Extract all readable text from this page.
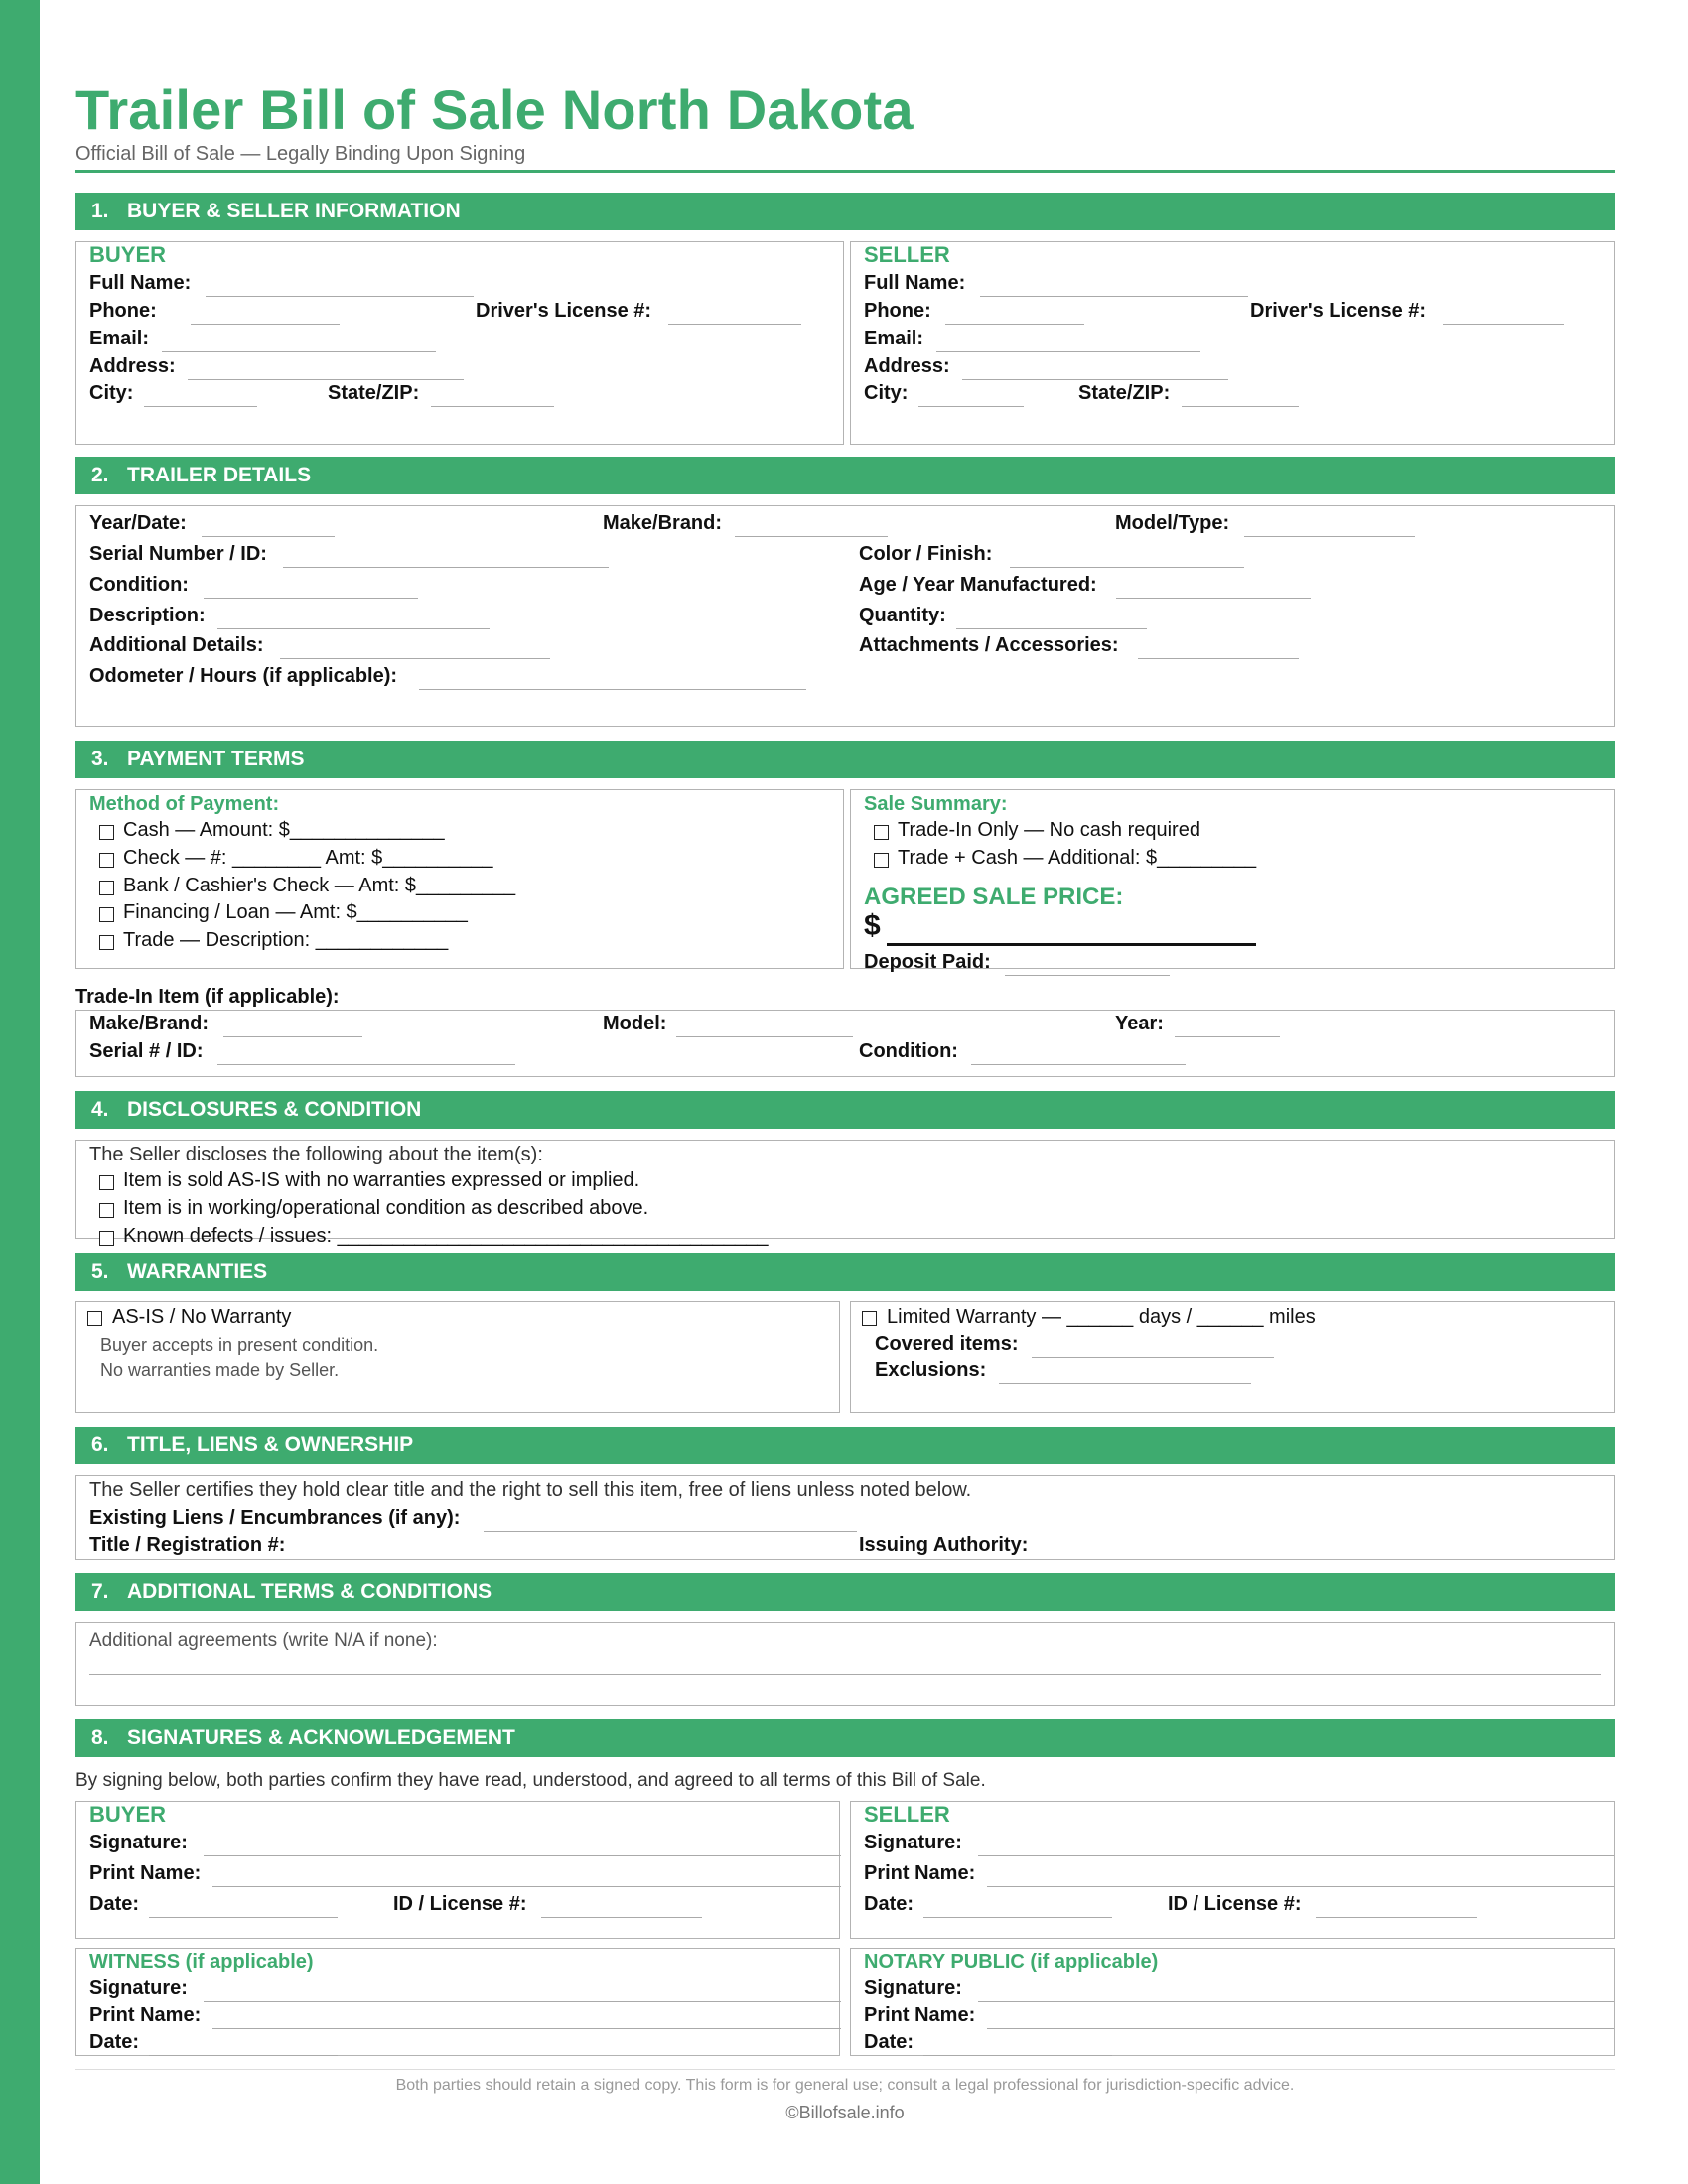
Trailer Bill of Sale North Dakota
Official Bill of Sale — Legally Binding Upon Signing
1. BUYER & SELLER INFORMATION
BUYER
Full Name:
Phone:	Driver's License #:
Email:
Address:
City:	State/ZIP:
SELLER
Full Name:
Phone:	Driver's License #:
Email:
Address:
City:	State/ZIP:
2. TRAILER DETAILS
Year/Date:	Make/Brand:	Model/Type:
Serial Number / ID:	Color / Finish:
Condition:	Age / Year Manufactured:
Description:	Quantity:
Additional Details:	Attachments / Accessories:
Odometer / Hours (if applicable):
3. PAYMENT TERMS
Method of Payment:
Cash — Amount: $______________
Check — #: ________ Amt: $__________
Bank / Cashier's Check — Amt: $_________
Financing / Loan — Amt: $__________
Trade — Description: ____________
Sale Summary:
Trade-In Only — No cash required
Trade + Cash — Additional: $_________
AGREED SALE PRICE:
$
Deposit Paid:
Trade-In Item (if applicable):
Make/Brand:	Model:	Year:
Serial # / ID:	Condition:
4. DISCLOSURES & CONDITION
The Seller discloses the following about the item(s):
Item is sold AS-IS with no warranties expressed or implied.
Item is in working/operational condition as described above.
Known defects / issues: _______________________________________
5. WARRANTIES
AS-IS / No Warranty
Buyer accepts in present condition.
No warranties made by Seller.
Limited Warranty — ______ days / ______ miles
Covered items:
Exclusions:
6. TITLE, LIENS & OWNERSHIP
The Seller certifies they hold clear title and the right to sell this item, free of liens unless noted below.
Existing Liens / Encumbrances (if any):
Title / Registration #:	Issuing Authority:
7. ADDITIONAL TERMS & CONDITIONS
Additional agreements (write N/A if none):
8. SIGNATURES & ACKNOWLEDGEMENT
By signing below, both parties confirm they have read, understood, and agreed to all terms of this Bill of Sale.
BUYER
Signature:
Print Name:
Date:	ID / License #:
SELLER
Signature:
Print Name:
Date:	ID / License #:
WITNESS (if applicable)
Signature:
Print Name:
Date:
NOTARY PUBLIC (if applicable)
Signature:
Print Name:
Date:
Both parties should retain a signed copy. This form is for general use; consult a legal professional for jurisdiction-specific advice.
©Billofsale.info
